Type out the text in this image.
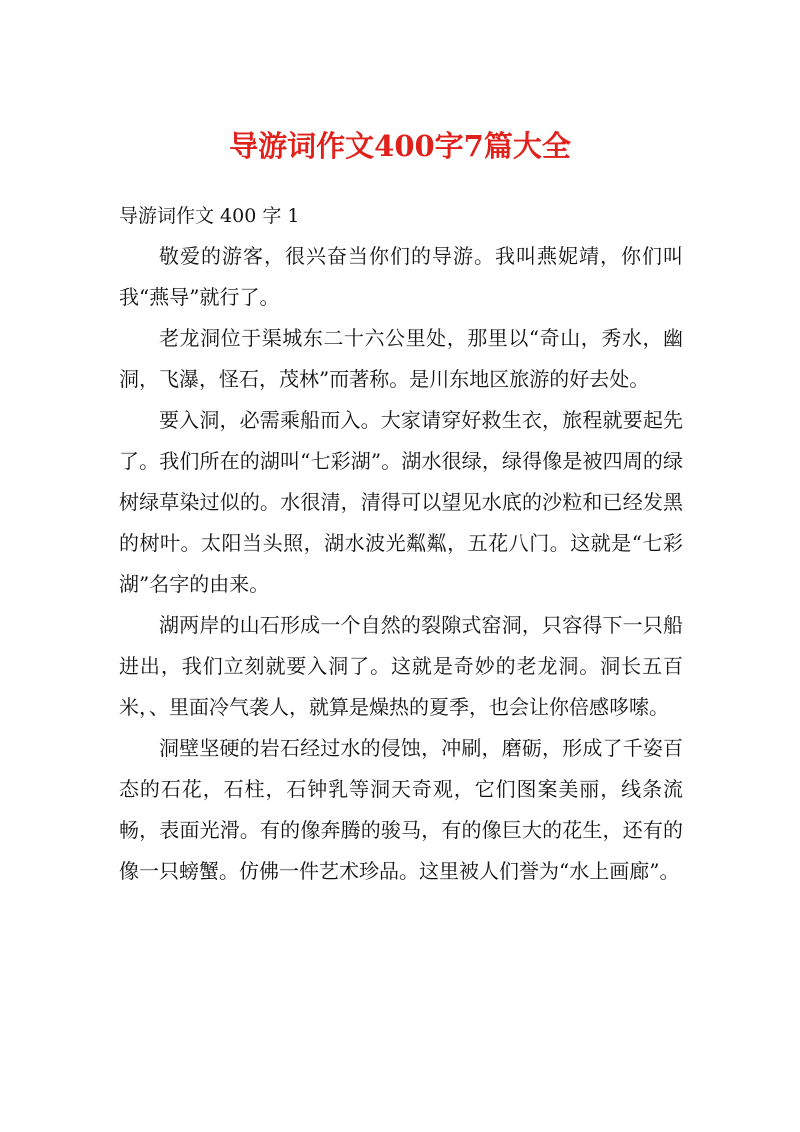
导游词作文400字7篇大全

导游词作文 400 字 1

敬爱的游客，很兴奋当你们的导游。我叫燕妮靖，你们叫我“燕导”就行了。

老龙洞位于渠城东二十六公里处，那里以“奇山，秀水，幽洞，飞瀑，怪石，茂林”而著称。是川东地区旅游的好去处。

要入洞，必需乘船而入。大家请穿好救生衣，旅程就要起先了。我们所在的湖叫“七彩湖”。湖水很绿，绿得像是被四周的绿树绿草染过似的。水很清，清得可以望见水底的沙粒和已经发黑的树叶。太阳当头照，湖水波光粼粼，五花八门。这就是“七彩湖”名字的由来。

湖两岸的山石形成一个自然的裂隙式窑洞，只容得下一只船进出，我们立刻就要入洞了。这就是奇妙的老龙洞。洞长五百米，、里面冷气袭人，就算是燥热的夏季，也会让你倍感哆嗦。

洞壁坚硬的岩石经过水的侵蚀，冲刷，磨砺，形成了千姿百态的石花，石柱，石钟乳等洞天奇观，它们图案美丽，线条流畅，表面光滑。有的像奔腾的骏马，有的像巨大的花生，还有的像一只螃蟹。仿佛一件艺术珍品。这里被人们誉为“水上画廊”。
